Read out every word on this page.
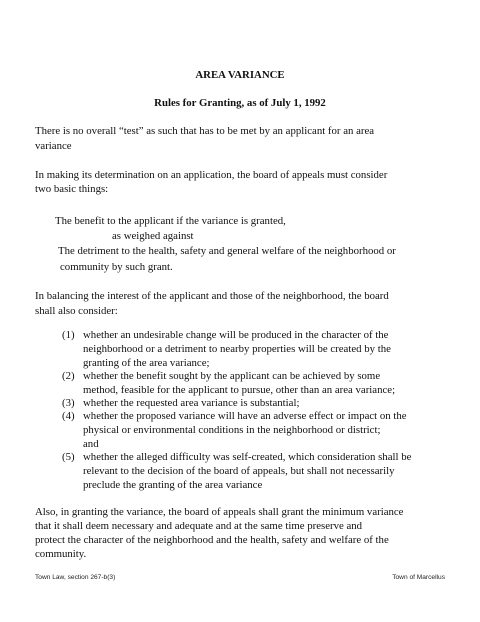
AREA VARIANCE
Rules for Granting, as of July 1, 1992
There is no overall “test” as such that has to be met by an applicant for an area
variance
In making its determination on an application, the board of appeals must consider
two basic things:
The benefit to the applicant if the variance is granted,
as weighed against
The detriment to the health, safety and general welfare of the neighborhood or
community by such grant.
In balancing the interest of the applicant and those of the neighborhood, the board
shall also consider:
(1) whether an undesirable change will be produced in the character of the
neighborhood or a detriment to nearby properties will be created by the
granting of the area variance;
(2) whether the benefit sought by the applicant can be achieved by some
method, feasible for the applicant to pursue, other than an area variance;
(3) whether the requested area variance is substantial;
(4) whether the proposed variance will have an adverse effect or impact on the
physical or environmental conditions in the neighborhood or district;
and
(5) whether the alleged difficulty was self-created, which consideration shall be
relevant to the decision of the board of appeals, but shall not necessarily
preclude the granting of the area variance
Also, in granting the variance, the board of appeals shall grant the minimum variance
that it shall deem necessary and adequate and at the same time preserve and
protect the character of the neighborhood and the health, safety and welfare of the
community.
Town Law, section 267-b(3)	Town of Marcellus
